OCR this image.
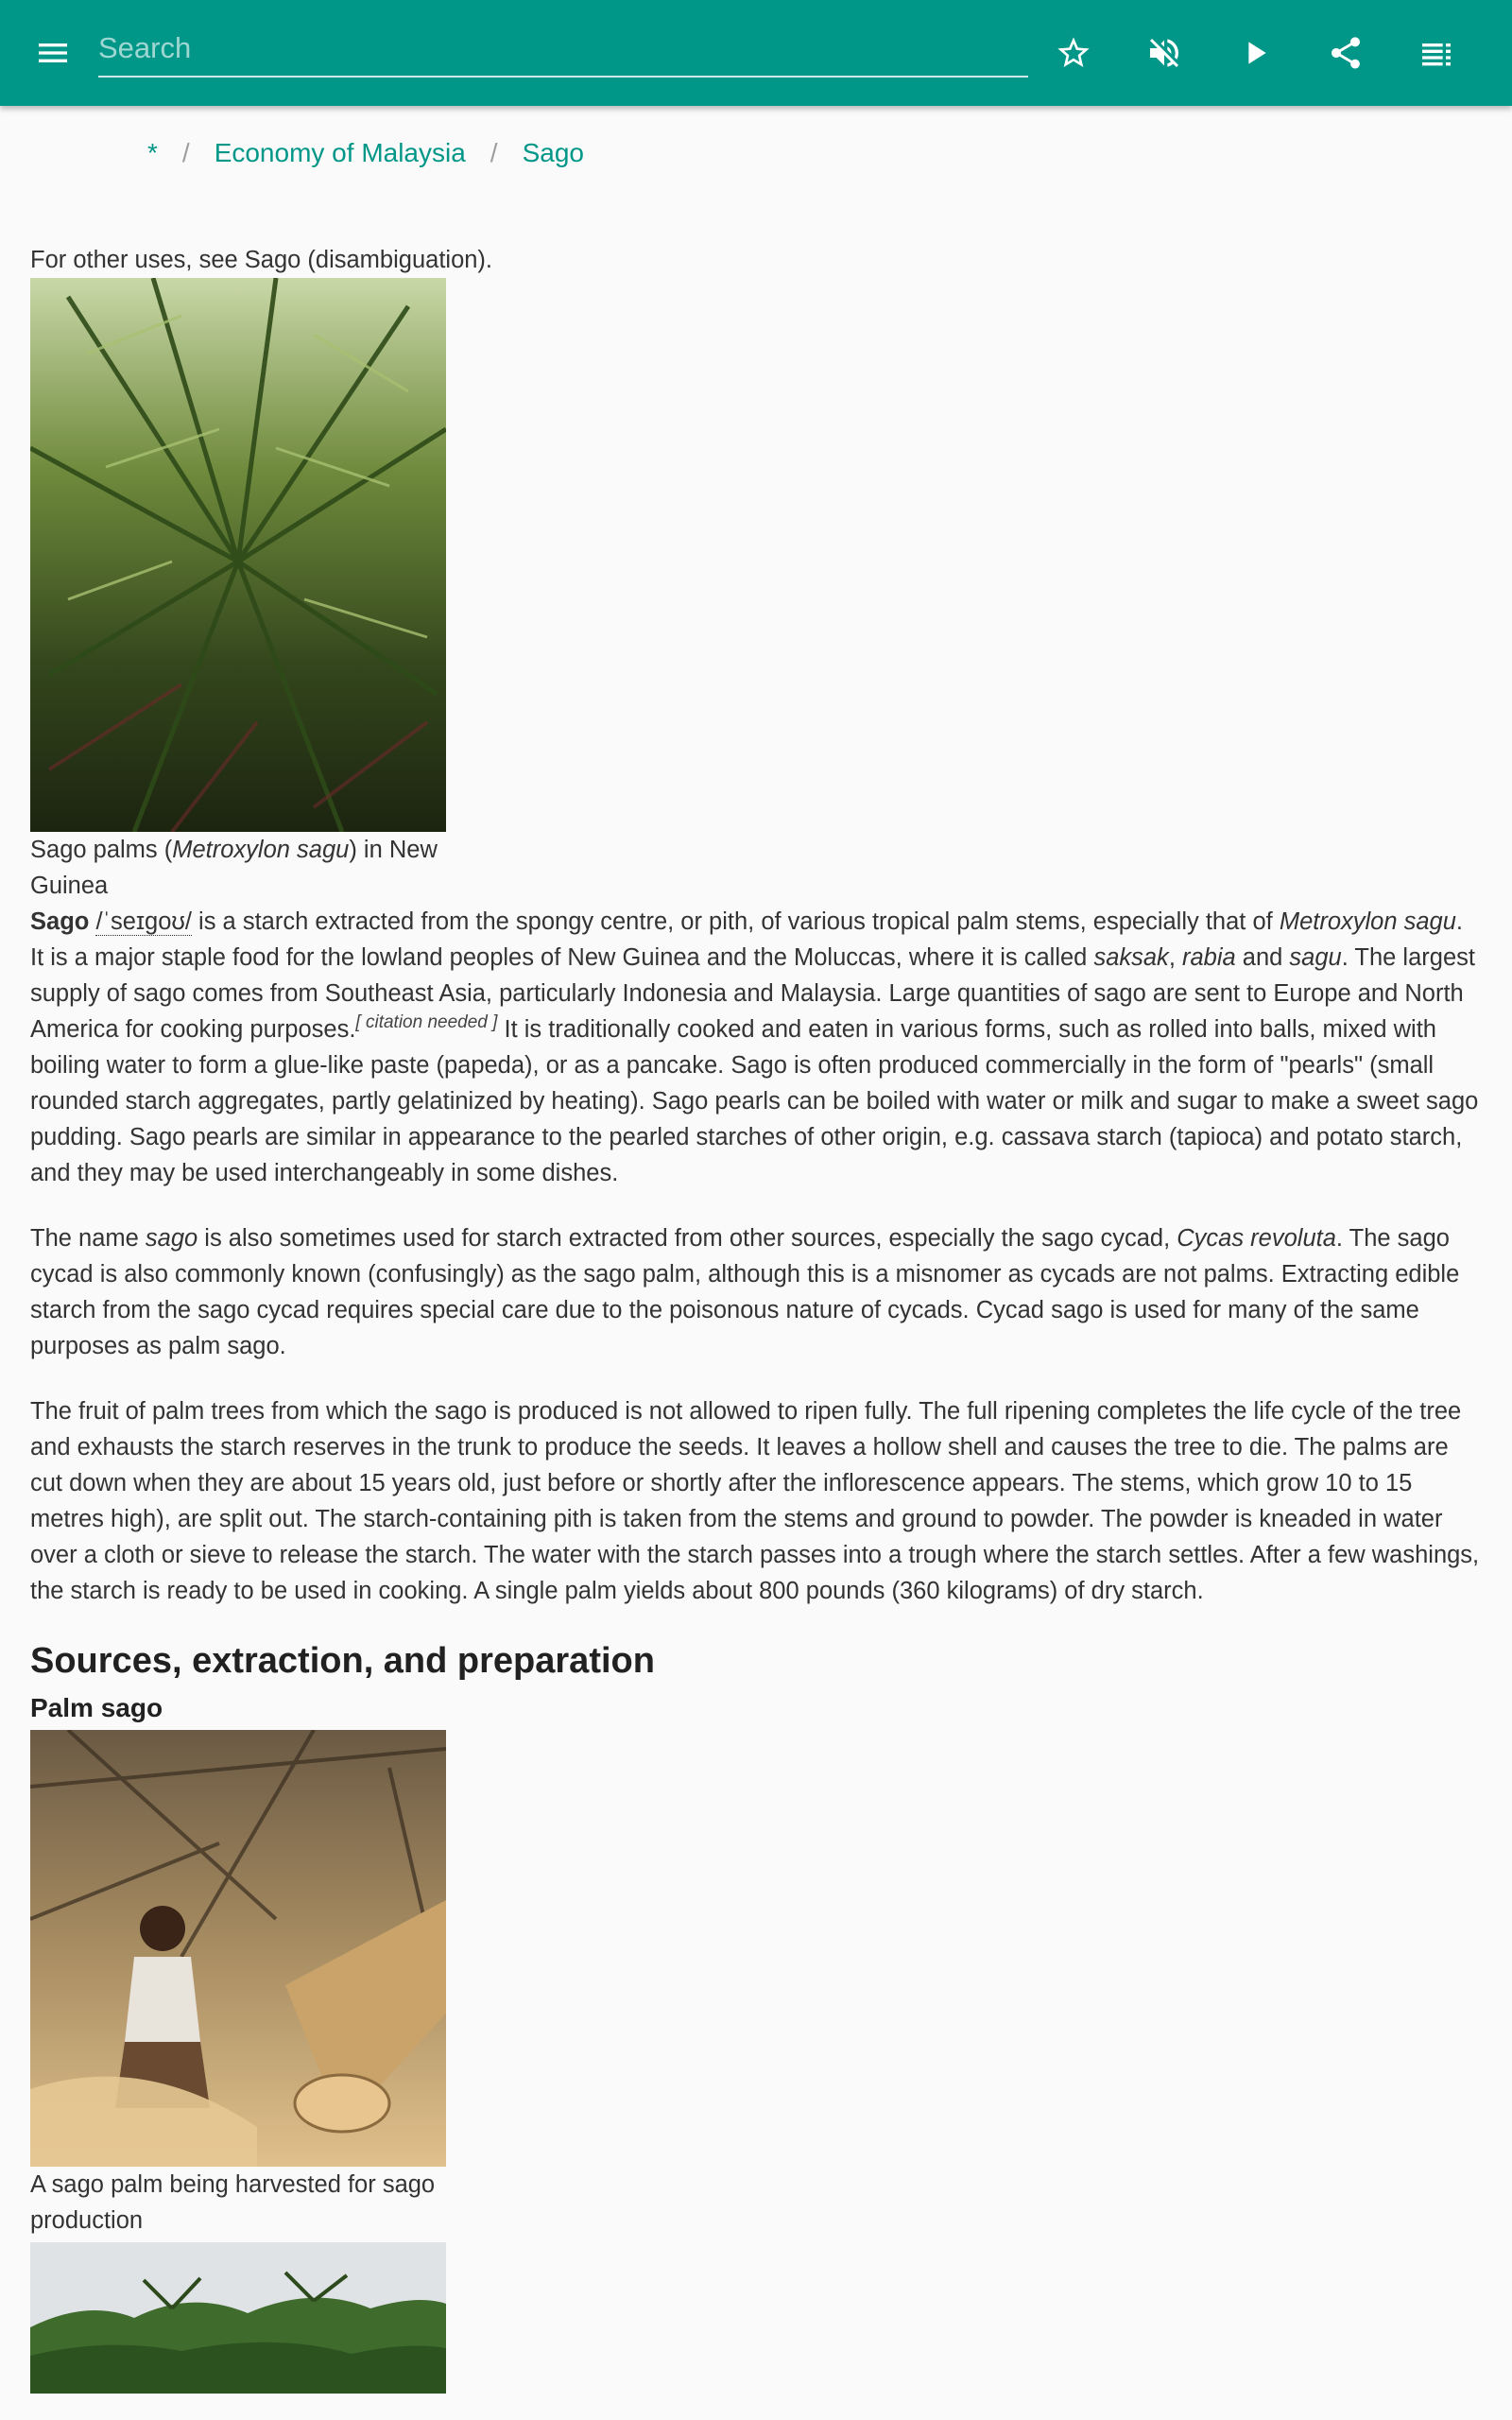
Search
* / Economy of Malaysia / Sago

For other uses, see Sago (disambiguation).

Sago palms (Metroxylon sagu) in New Guinea

Sago /ˈseɪɡoʊ/ is a starch extracted from the spongy centre, or pith, of various tropical palm stems, especially that of Metroxylon sagu. It is a major staple food for the lowland peoples of New Guinea and the Moluccas, where it is called saksak, rabia and sagu. The largest supply of sago comes from Southeast Asia, particularly Indonesia and Malaysia. Large quantities of sago are sent to Europe and North America for cooking purposes.[ citation needed ] It is traditionally cooked and eaten in various forms, such as rolled into balls, mixed with boiling water to form a glue-like paste (papeda), or as a pancake. Sago is often produced commercially in the form of "pearls" (small rounded starch aggregates, partly gelatinized by heating). Sago pearls can be boiled with water or milk and sugar to make a sweet sago pudding. Sago pearls are similar in appearance to the pearled starches of other origin, e.g. cassava starch (tapioca) and potato starch, and they may be used interchangeably in some dishes.

The name sago is also sometimes used for starch extracted from other sources, especially the sago cycad, Cycas revoluta. The sago cycad is also commonly known (confusingly) as the sago palm, although this is a misnomer as cycads are not palms. Extracting edible starch from the sago cycad requires special care due to the poisonous nature of cycads. Cycad sago is used for many of the same purposes as palm sago.

The fruit of palm trees from which the sago is produced is not allowed to ripen fully. The full ripening completes the life cycle of the tree and exhausts the starch reserves in the trunk to produce the seeds. It leaves a hollow shell and causes the tree to die. The palms are cut down when they are about 15 years old, just before or shortly after the inflorescence appears. The stems, which grow 10 to 15 metres high), are split out. The starch-containing pith is taken from the stems and ground to powder. The powder is kneaded in water over a cloth or sieve to release the starch. The water with the starch passes into a trough where the starch settles. After a few washings, the starch is ready to be used in cooking. A single palm yields about 800 pounds (360 kilograms) of dry starch.

Sources, extraction, and preparation
Palm sago
A sago palm being harvested for sago production
